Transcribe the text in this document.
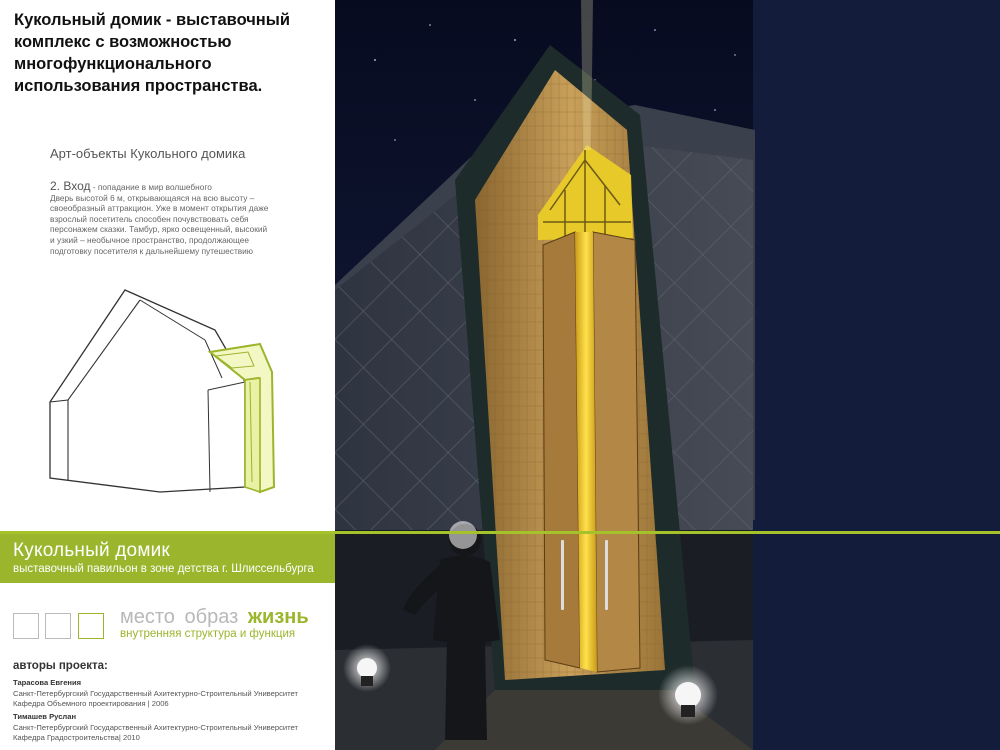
Кукольный домик - выставочный комплекс с возможностью многофункционального использования пространства.
Арт-объекты Кукольного домика
2. Вход - попадание в мир волшебного
Дверь высотой 6 м, открывающаяся на всю высоту –
своеобразный аттракцион. Уже в момент открытия даже
взрослый посетитель способен почувствовать себя
персонажем сказки. Тамбур, ярко освещенный, высокий
и узкий – необычное пространство, продолжающее
подготовку посетителя к дальнейшему путешествию
Кукольный домик
выставочный павильон в зоне детства г. Шлиссельбурга
место образ жизнь
внутренняя структура и функция
авторы проекта:
Тарасова Евгения
Санкт-Петербургский Государственный Ахитектурно-Строительный Университет
Кафедра Объемного проектирования | 2006
Тимашев Руслан
Санкт-Петербургский Государственный Ахитектурно-Строительный Университет
Кафедра Градостроительства| 2010
